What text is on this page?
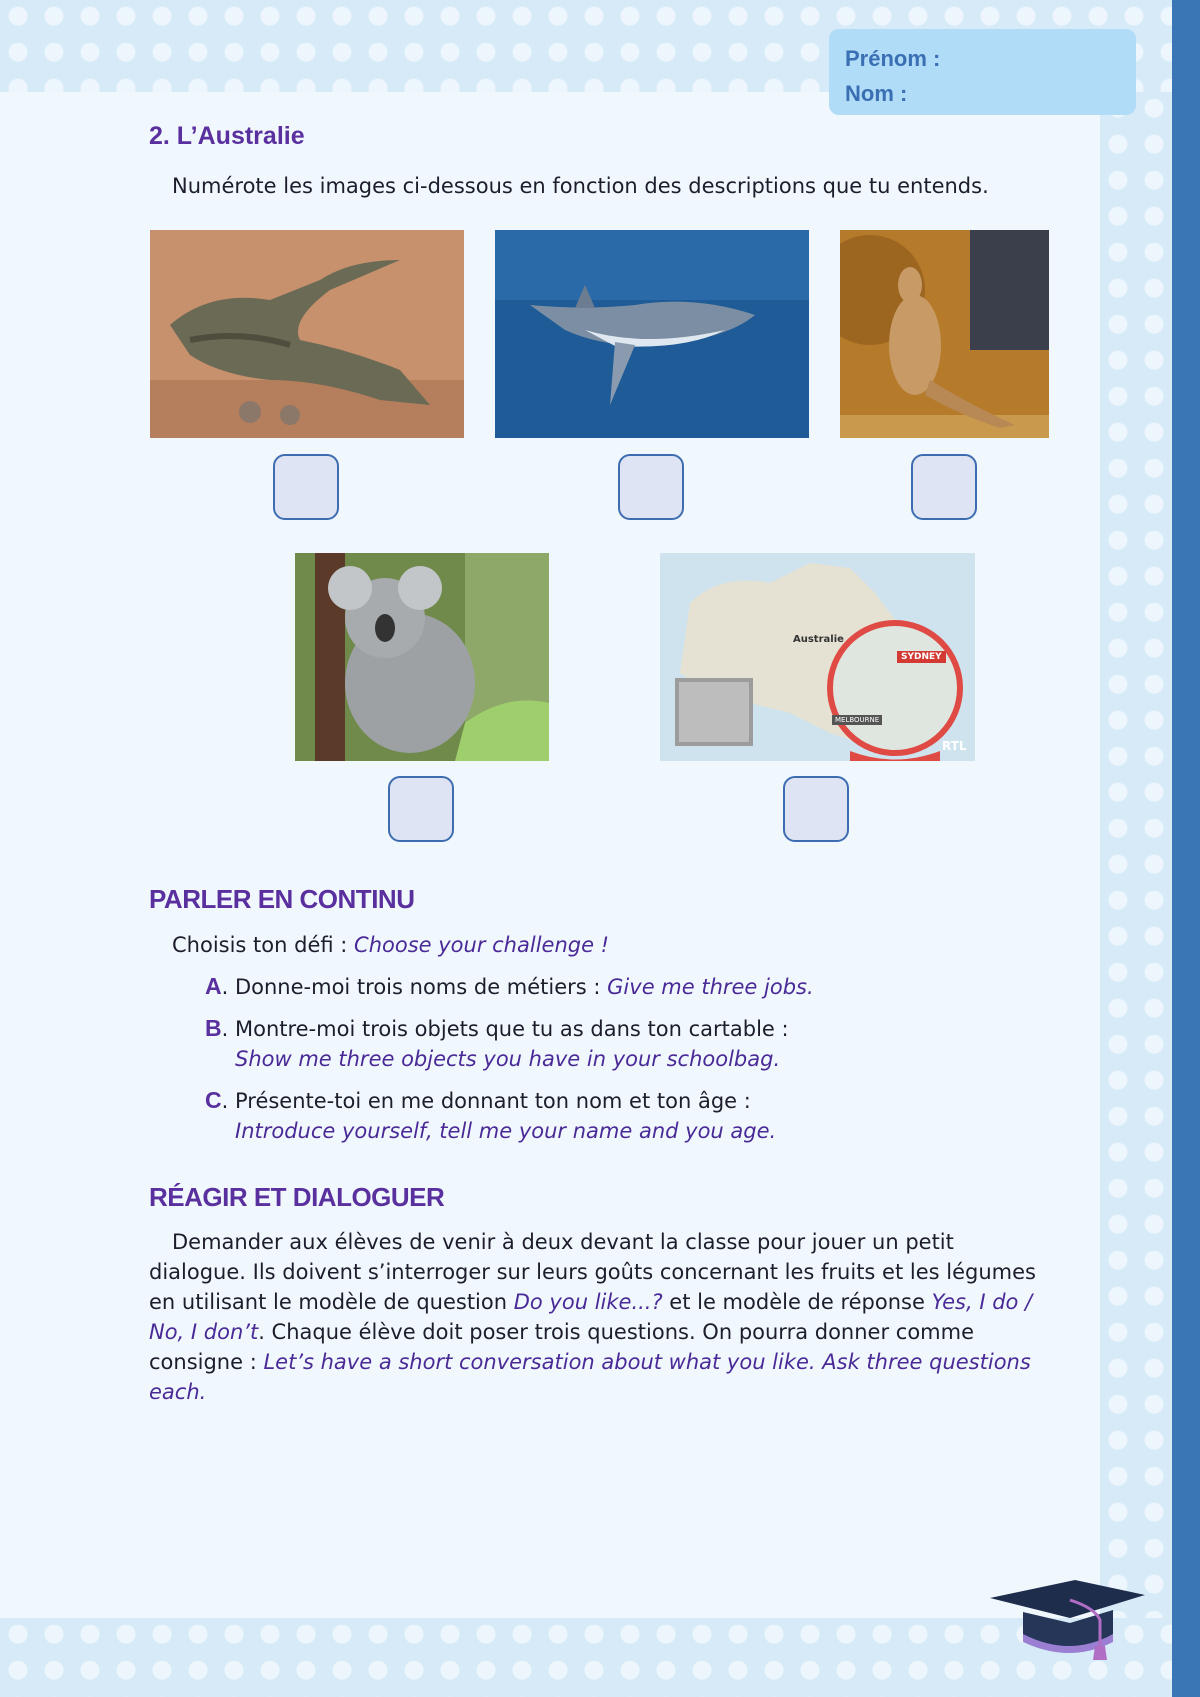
Prénom :
Nom :
2. L’Australie

Numérote les images ci-dessous en fonction des descriptions que tu entends.

Australie
SYDNEY
MELBOURNE
RTL
PARLER EN CONTINU

Choisis ton défi : Choose your challenge !

A. Donne-moi trois noms de métiers : Give me three jobs.
B. Montre-moi trois objets que tu as dans ton cartable :
Show me three objects you have in your schoolbag.
C. Présente-toi en me donnant ton nom et ton âge :
Introduce yourself, tell me your name and you age.
RÉAGIR ET DIALOGUER

Demander aux élèves de venir à deux devant la classe pour jouer un petit dialogue. Ils doivent s’interroger sur leurs goûts concernant les fruits et les légumes en utilisant le modèle de question Do you like...? et le modèle de réponse Yes, I do / No, I don’t. Chaque élève doit poser trois questions. On pourra donner comme consigne : Let’s have a short conversation about what you like. Ask three questions each.
